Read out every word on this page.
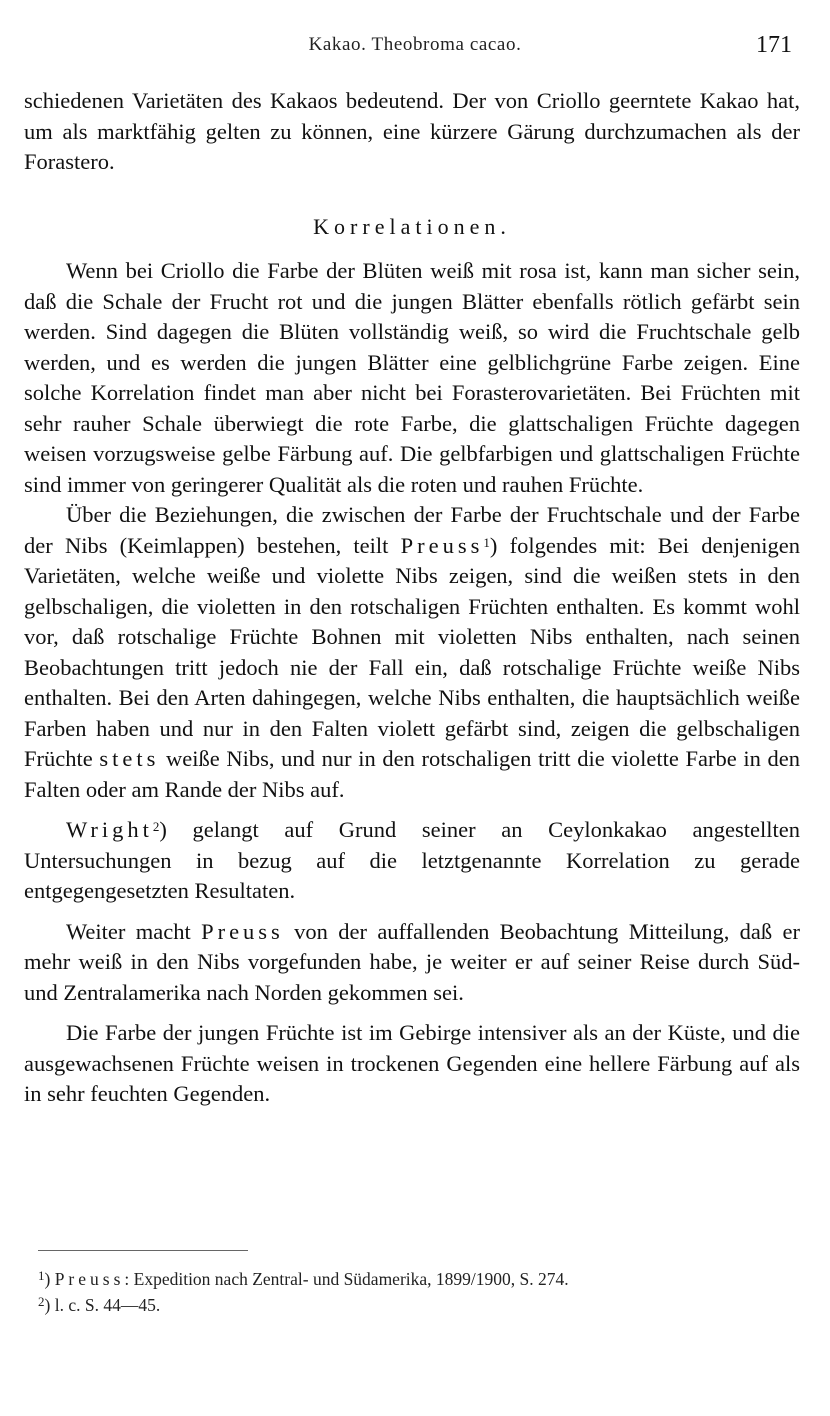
Kakao. Theobroma cacao.	171

schiedenen Varietäten des Kakaos bedeutend. Der von Criollo geerntete Kakao hat, um als marktfähig gelten zu können, eine kürzere Gärung durchzumachen als der Forastero.

Korrelationen.

Wenn bei Criollo die Farbe der Blüten weiß mit rosa ist, kann man sicher sein, daß die Schale der Frucht rot und die jungen Blätter ebenfalls rötlich gefärbt sein werden. Sind dagegen die Blüten vollständig weiß, so wird die Fruchtschale gelb werden, und es werden die jungen Blätter eine gelblichgrüne Farbe zeigen. Eine solche Korrelation findet man aber nicht bei Forasterovarietäten. Bei Früchten mit sehr rauher Schale überwiegt die rote Farbe, die glattschaligen Früchte dagegen weisen vorzugsweise gelbe Färbung auf. Die gelbfarbigen und glattschaligen Früchte sind immer von geringerer Qualität als die roten und rauhen Früchte.

Über die Beziehungen, die zwischen der Farbe der Fruchtschale und der Farbe der Nibs (Keimlappen) bestehen, teilt Preuss$^1$) folgendes mit: Bei denjenigen Varietäten, welche weiße und violette Nibs zeigen, sind die weißen stets in den gelbschaligen, die violetten in den rotschaligen Früchten enthalten. Es kommt wohl vor, daß rotschalige Früchte Bohnen mit violetten Nibs enthalten, nach seinen Beobachtungen tritt jedoch nie der Fall ein, daß rotschalige Früchte weiße Nibs enthalten. Bei den Arten dahingegen, welche Nibs enthalten, die hauptsächlich weiße Farben haben und nur in den Falten violett gefärbt sind, zeigen die gelbschaligen Früchte stets weiße Nibs, und nur in den rotschaligen tritt die violette Farbe in den Falten oder am Rande der Nibs auf.

Wright$^2$) gelangt auf Grund seiner an Ceylonkakao angestellten Untersuchungen in bezug auf die letztgenannte Korrelation zu gerade entgegengesetzten Resultaten.

Weiter macht Preuss von der auffallenden Beobachtung Mitteilung, daß er mehr weiß in den Nibs vorgefunden habe, je weiter er auf seiner Reise durch Süd- und Zentralamerika nach Norden gekommen sei.

Die Farbe der jungen Früchte ist im Gebirge intensiver als an der Küste, und die ausgewachsenen Früchte weisen in trockenen Gegenden eine hellere Färbung auf als in sehr feuchten Gegenden.

$^1$) Preuss: Expedition nach Zentral- und Südamerika, 1899/1900, S. 274.

$^2$) l. c. S. 44—45.
